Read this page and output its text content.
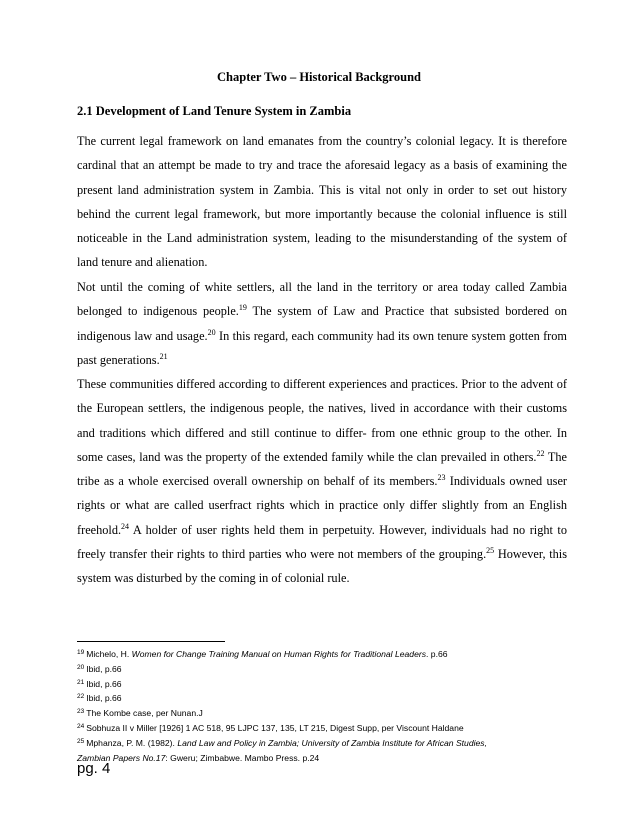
Chapter Two – Historical Background
2.1 Development of Land Tenure System in Zambia

The current legal framework on land emanates from the country’s colonial legacy. It is therefore cardinal that an attempt be made to try and trace the aforesaid legacy as a basis of examining the present land administration system in Zambia. This is vital not only in order to set out history behind the current legal framework, but more importantly because the colonial influence is still noticeable in the Land administration system, leading to the misunderstanding of the system of land tenure and alienation.

Not until the coming of white settlers, all the land in the territory or area today called Zambia belonged to indigenous people.$^{19}$ The system of Law and Practice that subsisted bordered on indigenous law and usage.$^{20}$ In this regard, each community had its own tenure system gotten from past generations.$^{21}$

These communities differed according to different experiences and practices. Prior to the advent of the European settlers, the indigenous people, the natives, lived in accordance with their customs and traditions which differed and still continue to differ- from one ethnic group to the other. In some cases, land was the property of the extended family while the clan prevailed in others.$^{22}$ The tribe as a whole exercised overall ownership on behalf of its members.$^{23}$ Individuals owned user rights or what are called userfract rights which in practice only differ slightly from an English freehold.$^{24}$ A holder of user rights held them in perpetuity. However, individuals had no right to freely transfer their rights to third parties who were not members of the grouping.$^{25}$ However, this system was disturbed by the coming in of colonial rule.

$^{19}$ Michelo, H. Women for Change Training Manual on Human Rights for Traditional Leaders. p.66
$^{20}$ Ibid, p.66
$^{21}$ Ibid, p.66
$^{22}$ Ibid, p.66
$^{23}$ The Kombe case, per Nunan.J
$^{24}$ Sobhuza II v Miller [1926] 1 AC 518, 95 LJPC 137, 135, LT 215, Digest Supp, per Viscount Haldane
$^{25}$ Mphanza, P. M. (1982). Land Law and Policy in Zambia; University of Zambia Institute for African Studies,
Zambian Papers No.17: Gweru; Zimbabwe. Mambo Press. p.24
pg. 4
